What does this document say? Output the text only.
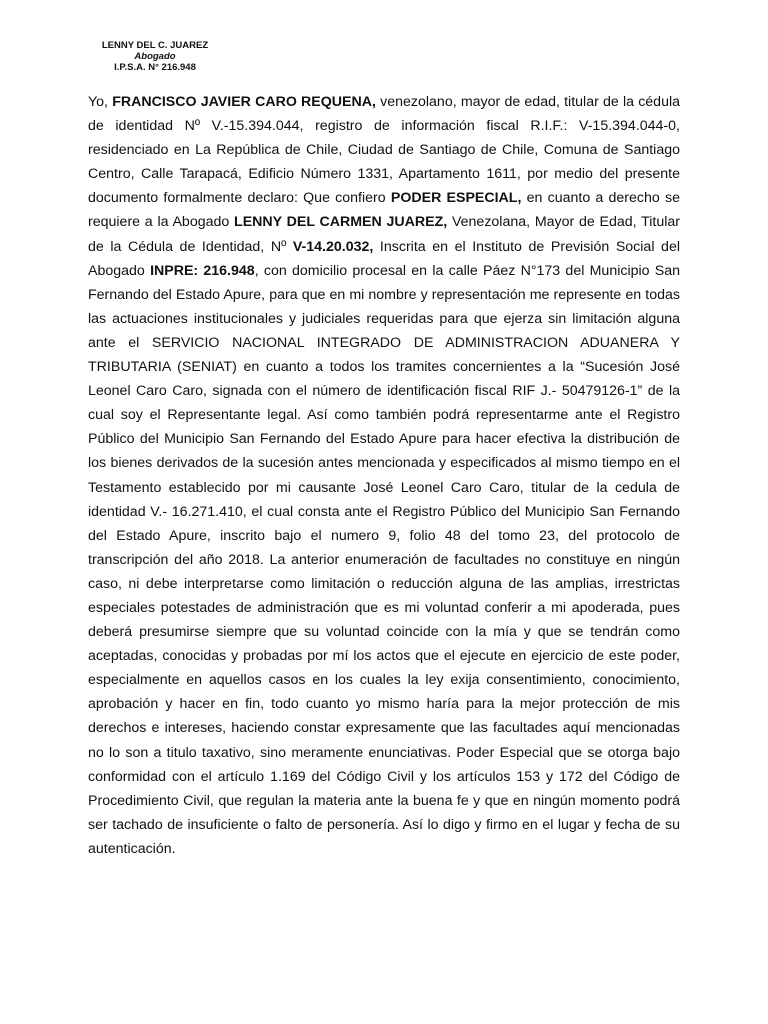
LENNY DEL C. JUAREZ
Abogado
I.P.S.A. N° 216.948

Yo, FRANCISCO JAVIER CARO REQUENA, venezolano, mayor de edad, titular de la cédula de identidad Nº V.-15.394.044, registro de información fiscal R.I.F.: V-15.394.044-0, residenciado en La República de Chile, Ciudad de Santiago de Chile, Comuna de Santiago Centro, Calle Tarapacá, Edificio Número 1331, Apartamento 1611, por medio del presente documento formalmente declaro: Que confiero PODER ESPECIAL, en cuanto a derecho se requiere a la Abogado LENNY DEL CARMEN JUAREZ, Venezolana, Mayor de Edad, Titular de la Cédula de Identidad, Nº V-14.20.032, Inscrita en el Instituto de Previsión Social del Abogado INPRE: 216.948, con domicilio procesal en la calle Páez N°173 del Municipio San Fernando del Estado Apure, para que en mi nombre y representación me represente en todas las actuaciones institucionales y judiciales requeridas para que ejerza sin limitación alguna ante el SERVICIO NACIONAL INTEGRADO DE ADMINISTRACION ADUANERA Y TRIBUTARIA (SENIAT) en cuanto a todos los tramites concernientes a la “Sucesión José Leonel Caro Caro, signada con el número de identificación fiscal RIF J.- 50479126-1” de la cual soy el Representante legal. Así como también podrá representarme ante el Registro Público del Municipio San Fernando del Estado Apure para hacer efectiva la distribución de los bienes derivados de la sucesión antes mencionada y especificados al mismo tiempo en el Testamento establecido por mi causante José Leonel Caro Caro, titular de la cedula de identidad V.- 16.271.410, el cual consta ante el Registro Público del Municipio San Fernando del Estado Apure, inscrito bajo el numero 9, folio 48 del tomo 23, del protocolo de transcripción del año 2018. La anterior enumeración de facultades no constituye en ningún caso, ni debe interpretarse como limitación o reducción alguna de las amplias, irrestrictas especiales potestades de administración que es mi voluntad conferir a mi apoderada, pues deberá presumirse siempre que su voluntad coincide con la mía y que se tendrán como aceptadas, conocidas y probadas por mí los actos que el ejecute en ejercicio de este poder, especialmente en aquellos casos en los cuales la ley exija consentimiento, conocimiento, aprobación y hacer en fin, todo cuanto yo mismo haría para la mejor protección de mis derechos e intereses, haciendo constar expresamente que las facultades aquí mencionadas no lo son a titulo taxativo, sino meramente enunciativas. Poder Especial que se otorga bajo conformidad con el artículo 1.169 del Código Civil y los artículos 153 y 172 del Código de Procedimiento Civil, que regulan la materia ante la buena fe y que en ningún momento podrá ser tachado de insuficiente o falto de personería. Así lo digo y firmo en el lugar y fecha de su autenticación.
